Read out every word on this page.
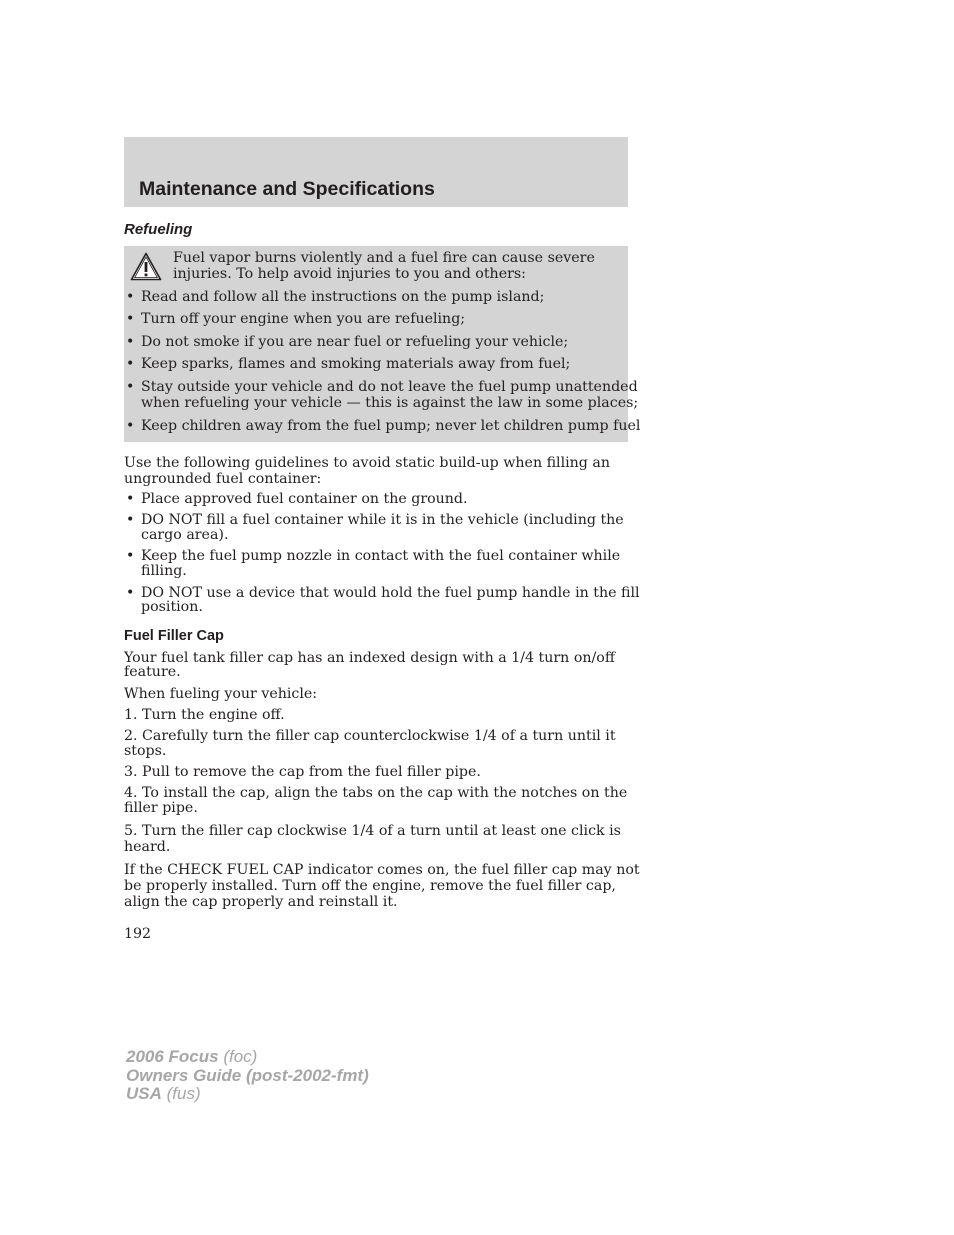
Maintenance and Specifications
Refueling
Fuel vapor burns violently and a fuel fire can cause severe
injuries. To help avoid injuries to you and others:
• Read and follow all the instructions on the pump island;
• Turn off your engine when you are refueling;
• Do not smoke if you are near fuel or refueling your vehicle;
• Keep sparks, flames and smoking materials away from fuel;
• Stay outside your vehicle and do not leave the fuel pump unattended
when refueling your vehicle — this is against the law in some places;
• Keep children away from the fuel pump; never let children pump fuel
Use the following guidelines to avoid static build-up when filling an
ungrounded fuel container:
• Place approved fuel container on the ground.
• DO NOT fill a fuel container while it is in the vehicle (including the
cargo area).
• Keep the fuel pump nozzle in contact with the fuel container while
filling.
• DO NOT use a device that would hold the fuel pump handle in the fill
position.
Fuel Filler Cap
Your fuel tank filler cap has an indexed design with a 1/4 turn on/off
feature.
When fueling your vehicle:
1. Turn the engine off.
2. Carefully turn the filler cap counterclockwise 1/4 of a turn until it
stops.
3. Pull to remove the cap from the fuel filler pipe.
4. To install the cap, align the tabs on the cap with the notches on the
filler pipe.
5. Turn the filler cap clockwise 1/4 of a turn until at least one click is
heard.
If the CHECK FUEL CAP indicator comes on, the fuel filler cap may not
be properly installed. Turn off the engine, remove the fuel filler cap,
align the cap properly and reinstall it.
192
2006 Focus (foc)
Owners Guide (post-2002-fmt)
USA (fus)
